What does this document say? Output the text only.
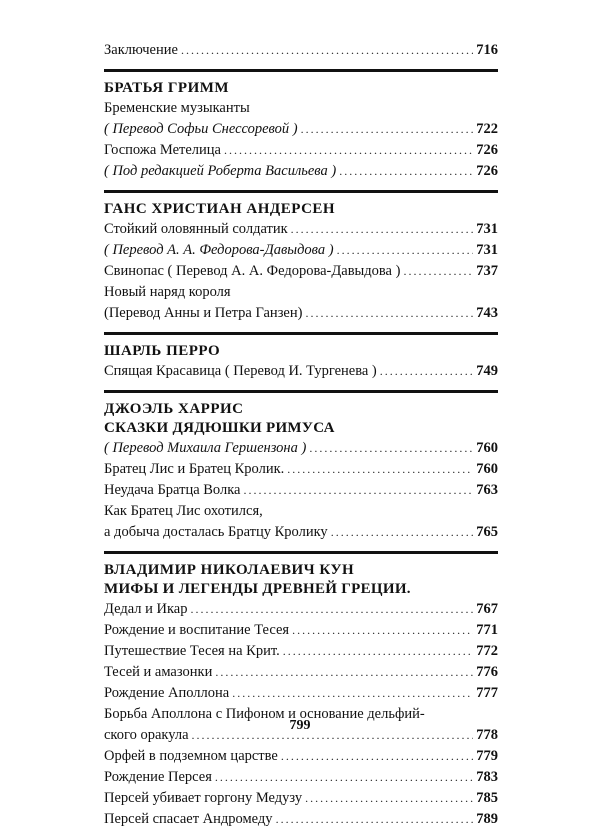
Заключение . . .	716
БРАТЬЯ ГРИММ
Бременские музыканты
( Перевод Софьи Снессоревой ) . . .	722
Госпожа Метелица . . .	726
( Под редакцией Роберта Васильева ) . . .	726
ГАНС ХРИСТИАН АНДЕРСЕН
Стойкий оловянный солдатик . . .	731
( Перевод А. А. Федорова-Давыдова ) . . .	731
Свинопас ( Перевод А. А. Федорова-Давыдова ) . . .	737
Новый наряд короля
(Перевод Анны и Петра Ганзен) . . .	743
ШАРЛЬ ПЕРРО
Спящая Красавица ( Перевод И. Тургенева ) . . .	749
ДЖОЭЛЬ ХАРРИС
СКАЗКИ ДЯДЮШКИ РИМУСА
( Перевод Михаила Гершензона ) . . .	760
Братец Лис и Братец Кролик. . . .	760
Неудача Братца Волка . . .	763
Как Братец Лис охотился,
а добыча досталась Братцу Кролику . . .	765
ВЛАДИМИР НИКОЛАЕВИЧ КУН
МИФЫ И ЛЕГЕНДЫ ДРЕВНЕЙ ГРЕЦИИ.
Дедал и Икар . . .	767
Рождение и воспитание Тесея . . .	771
Путешествие Тесея на Крит. . . .	772
Тесей и амазонки . . .	776
Рождение Аполлона . . .	777
Борьба Аполлона с Пифоном и основание дельфий-
ского оракула . . .	778
Орфей в подземном царстве . . .	779
Рождение Персея . . .	783
Персей убивает горгону Медузу . . .	785
Персей спасает Андромеду . . .	789
799
